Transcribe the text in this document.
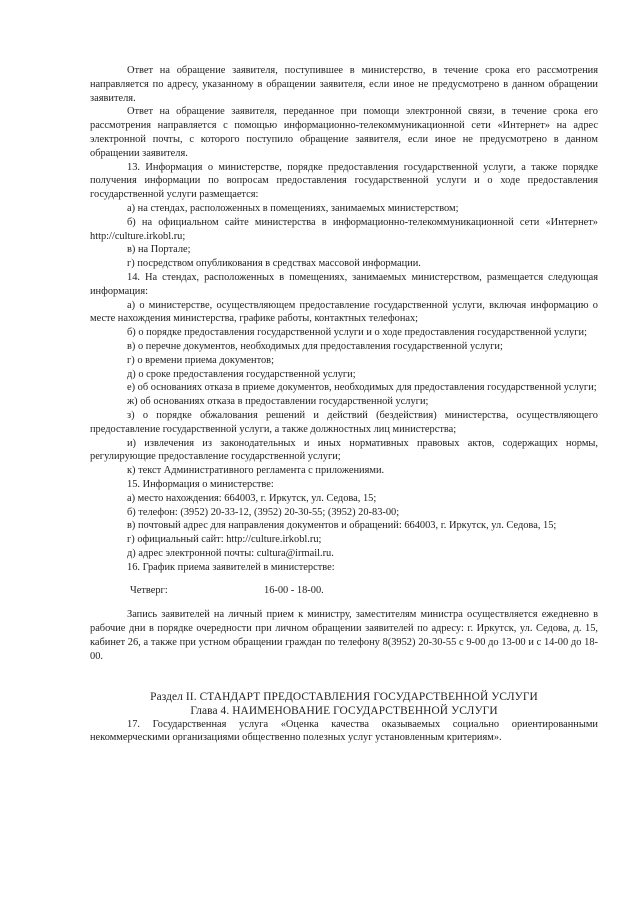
Ответ на обращение заявителя, поступившее в министерство, в течение срока его рассмотрения направляется по адресу, указанному в обращении заявителя, если иное не предусмотрено в данном обращении заявителя.

Ответ на обращение заявителя, переданное при помощи электронной связи, в течение срока его рассмотрения направляется с помощью информационно-телекоммуникационной сети «Интернет» на адрес электронной почты, с которого поступило обращение заявителя, если иное не предусмотрено в данном обращении заявителя.

13. Информация о министерстве, порядке предоставления государственной услуги, а также порядке получения информации по вопросам предоставления государственной услуги и о ходе предоставления государственной услуги размещается:

а) на стендах, расположенных в помещениях, занимаемых министерством;

б) на официальном сайте министерства в информационно-телекоммуникационной сети «Интернет» http://culture.irkobl.ru;

в) на Портале;

г) посредством опубликования в средствах массовой информации.

14. На стендах, расположенных в помещениях, занимаемых министерством, размещается следующая информация:

а) о министерстве, осуществляющем предоставление государственной услуги, включая информацию о месте нахождения министерства, графике работы, контактных телефонах;

б) о порядке предоставления государственной услуги и о ходе предоставления государственной услуги;

в) о перечне документов, необходимых для предоставления государственной услуги;

г) о времени приема документов;

д) о сроке предоставления государственной услуги;

е) об основаниях отказа в приеме документов, необходимых для предоставления государственной услуги;

ж) об основаниях отказа в предоставлении государственной услуги;

з) о порядке обжалования решений и действий (бездействия) министерства, осуществляющего предоставление государственной услуги, а также должностных лиц министерства;

и) извлечения из законодательных и иных нормативных правовых актов, содержащих нормы, регулирующие предоставление государственной услуги;

к) текст Административного регламента с приложениями.

15. Информация о министерстве:

а) место нахождения: 664003, г. Иркутск, ул. Седова, 15;

б) телефон: (3952) 20-33-12, (3952) 20-30-55; (3952) 20-83-00;

в) почтовый адрес для направления документов и обращений: 664003, г. Иркутск, ул. Седова, 15;

г) официальный сайт: http://culture.irkobl.ru;

д) адрес электронной почты: cultura@irmail.ru.

16. График приема заявителей в министерстве:

Четверг:	16-00 - 18-00.

Запись заявителей на личный прием к министру, заместителям министра осуществляется ежедневно в рабочие дни в порядке очередности при личном обращении заявителей по адресу: г. Иркутск, ул. Седова, д. 15, кабинет 26, а также при устном обращении граждан по телефону 8(3952) 20-30-55 с 9-00 до 13-00 и с 14-00 до 18-00.

Раздел II. СТАНДАРТ ПРЕДОСТАВЛЕНИЯ ГОСУДАРСТВЕННОЙ УСЛУГИ

Глава 4. НАИМЕНОВАНИЕ ГОСУДАРСТВЕННОЙ УСЛУГИ

17. Государственная услуга «Оценка качества оказываемых социально ориентированными некоммерческими организациями общественно полезных услуг установленным критериям».
